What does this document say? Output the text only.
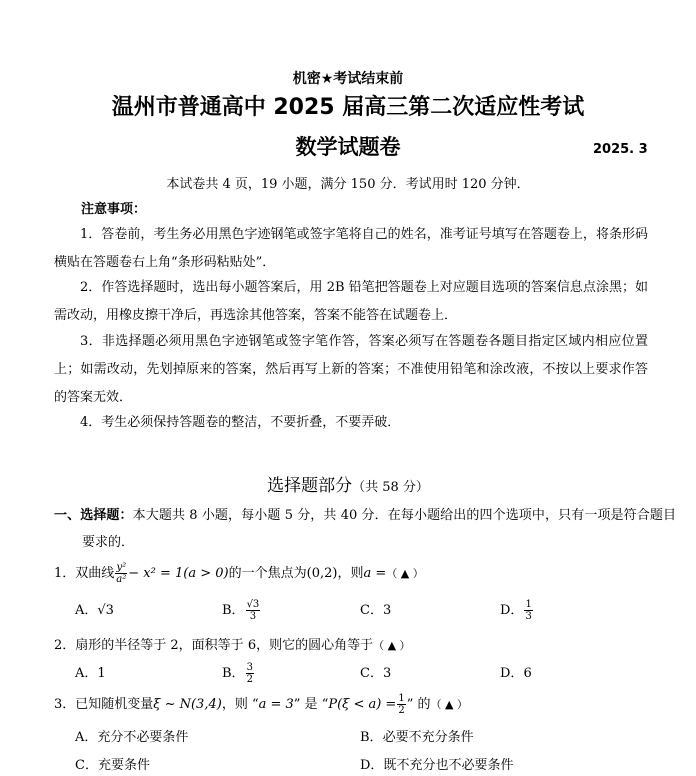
机密★考试结束前
温州市普通高中 2025 届高三第二次适应性考试
数学试题卷	2025. 3
本试卷共 4 页，19 小题，满分 150 分．考试用时 120 分钟．
注意事项：
1．答卷前，考生务必用黑色字迹钢笔或签字笔将自己的姓名，准考证号填写在答题卷上，将条形码横贴在答题卷右上角“条形码粘贴处”．
2．作答选择题时，选出每小题答案后，用 2B 铅笔把答题卷上对应题目选项的答案信息点涂黑；如需改动，用橡皮擦干净后，再选涂其他答案，答案不能答在试题卷上．
3．非选择题必须用黑色字迹钢笔或签字笔作答，答案必须写在答题卷各题目指定区域内相应位置上；如需改动，先划掉原来的答案，然后再写上新的答案；不准使用铅笔和涂改液，不按以上要求作答的答案无效．
4．考生必须保持答题卷的整洁，不要折叠，不要弄破．
选择题部分（共 58 分）
一、选择题：本大题共 8 小题，每小题 5 分，共 40 分．在每小题给出的四个选项中，只有一项是符合题目要求的．
1．双曲线 $\frac{\text{y²}}{\text{a²}} - x^2 = 1(a > 0)$的一个焦点为(0,2)，则a =（ ▲ ）
A．√3	B． $\frac{√3}{3}$	C．3	D． $\frac{1}{3}$
2．扇形的半径等于 2，面积等于 6，则它的圆心角等于（ ▲ ）
A．1	B． $\frac{3}{2}$	C．3	D．6
3．已知随机变量ξ ~ N(3,4)，则 “a = 3” 是 “$P(\xi < a) = \frac{1}{2}$ ” 的（ ▲ ）
A．充分不必要条件	B．必要不充分条件
C．充要条件	D．既不充分也不必要条件
